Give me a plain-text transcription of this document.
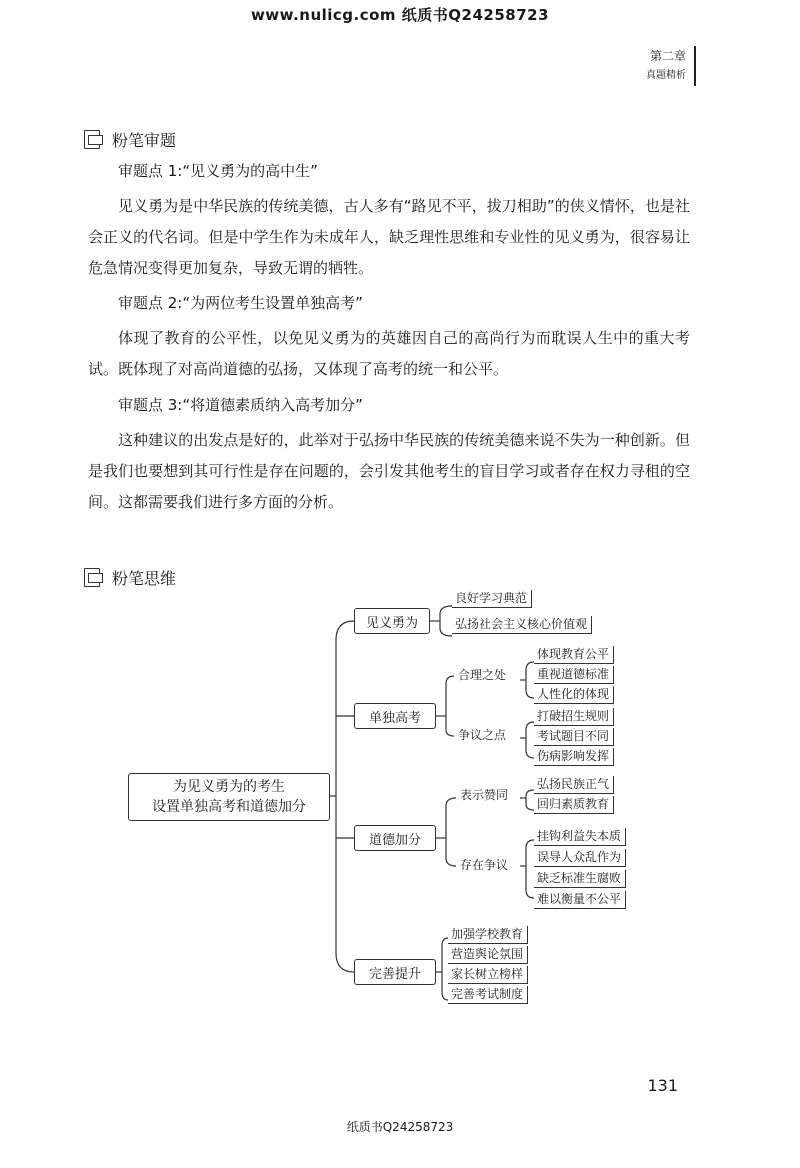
www.nulicg.com 纸质书Q24258723
第二章
真题精析
粉笔审题
审题点 1:“见义勇为的高中生”

见义勇为是中华民族的传统美德，古人多有“路见不平，拔刀相助”的侠义情怀，也是社会正义的代名词。但是中学生作为未成年人，缺乏理性思维和专业性的见义勇为，很容易让危急情况变得更加复杂，导致无谓的牺牲。

审题点 2:“为两位考生设置单独高考”

体现了教育的公平性，以免见义勇为的英雄因自己的高尚行为而耽误人生中的重大考试。既体现了对高尚道德的弘扬，又体现了高考的统一和公平。

审题点 3:“将道德素质纳入高考加分”

这种建议的出发点是好的，此举对于弘扬中华民族的传统美德来说不失为一种创新。但是我们也要想到其可行性是存在问题的，会引发其他考生的盲目学习或者存在权力寻租的空间。这都需要我们进行多方面的分析。

粉笔思维
为见义勇为的考生
设置单独高考和道德加分
见义勇为
良好学习典范
弘扬社会主义核心价值观
单独高考
合理之处
体现教育公平
重视道德标准
人性化的体现
争议之点
打破招生规则
考试题目不同
伤病影响发挥
道德加分
表示赞同
弘扬民族正气
回归素质教育
存在争议
挂钩利益失本质
误导人众乱作为
缺乏标准生腐败
难以衡量不公平
完善提升
加强学校教育
营造舆论氛围
家长树立榜样
完善考试制度
131
纸质书Q24258723
